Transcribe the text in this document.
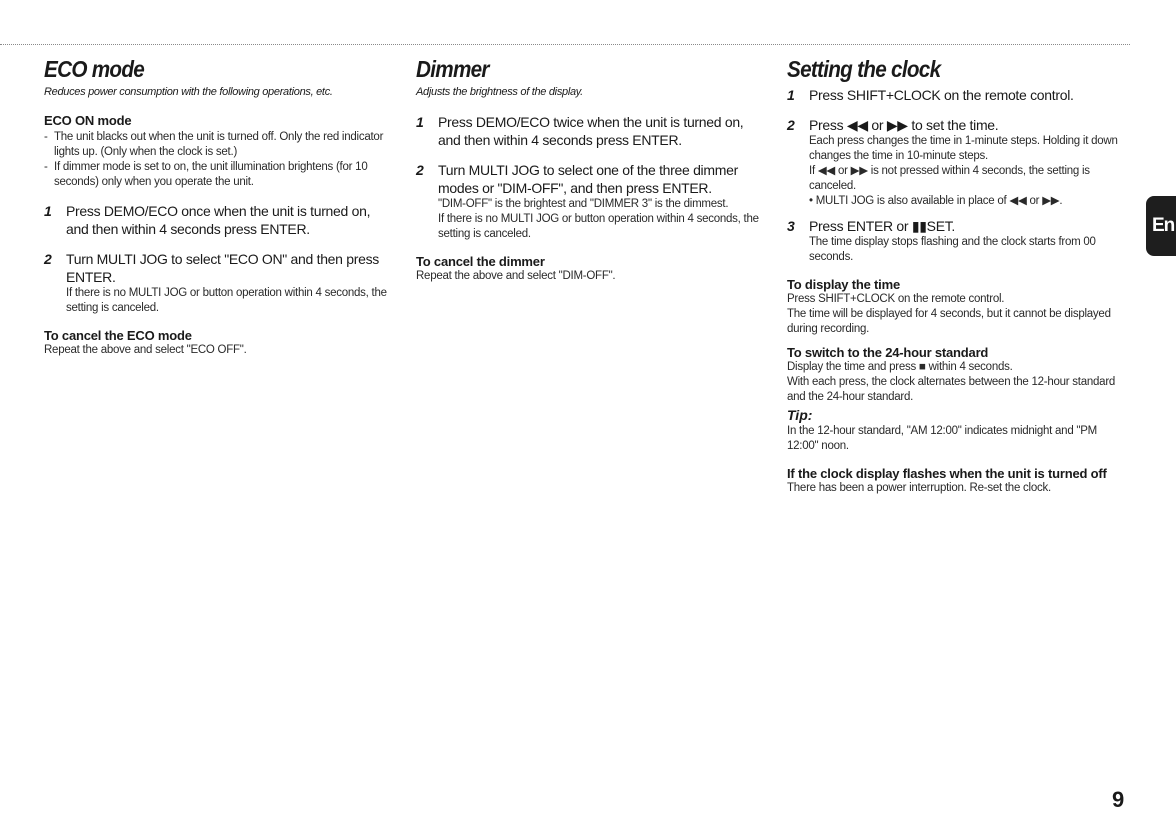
ECO mode
Reduces power consumption with the following operations, etc.
ECO ON mode
- The unit blacks out when the unit is turned off. Only the red indicator lights up. (Only when the clock is set.)
- If dimmer mode is set to on, the unit illumination brightens (for 10 seconds) only when you operate the unit.
1	Press DEMO/ECO once when the unit is turned on, and then within 4 seconds press ENTER.
2	Turn MULTI JOG to select "ECO ON" and then press ENTER.
If there is no MULTI JOG or button operation within 4 seconds, the setting is canceled.
To cancel the ECO mode
Repeat the above and select "ECO OFF".
Dimmer
Adjusts the brightness of the display.
1	Press DEMO/ECO twice when the unit is turned on, and then within 4 seconds press ENTER.
2	Turn MULTI JOG to select one of the three dimmer modes or "DIM-OFF", and then press ENTER.
"DIM-OFF" is the brightest and "DIMMER 3" is the dimmest.
If there is no MULTI JOG or button operation within 4 seconds, the setting is canceled.
To cancel the dimmer
Repeat the above and select "DIM-OFF".
Setting the clock
1	Press SHIFT+CLOCK on the remote control.
2	Press ◀◀ or ▶▶ to set the time.
Each press changes the time in 1-minute steps. Holding it down changes the time in 10-minute steps.
If ◀◀ or ▶▶ is not pressed within 4 seconds, the setting is canceled.
• MULTI JOG is also available in place of ◀◀ or ▶▶.
3	Press ENTER or ▮▮SET.
The time display stops flashing and the clock starts from 00 seconds.
To display the time
Press SHIFT+CLOCK on the remote control.
The time will be displayed for 4 seconds, but it cannot be displayed during recording.
To switch to the 24-hour standard
Display the time and press ■ within 4 seconds.
With each press, the clock alternates between the 12-hour standard and the 24-hour standard.
Tip:
In the 12-hour standard, "AM 12:00" indicates midnight and "PM 12:00" noon.
If the clock display flashes when the unit is turned off
There has been a power interruption. Re-set the clock.
En
9
